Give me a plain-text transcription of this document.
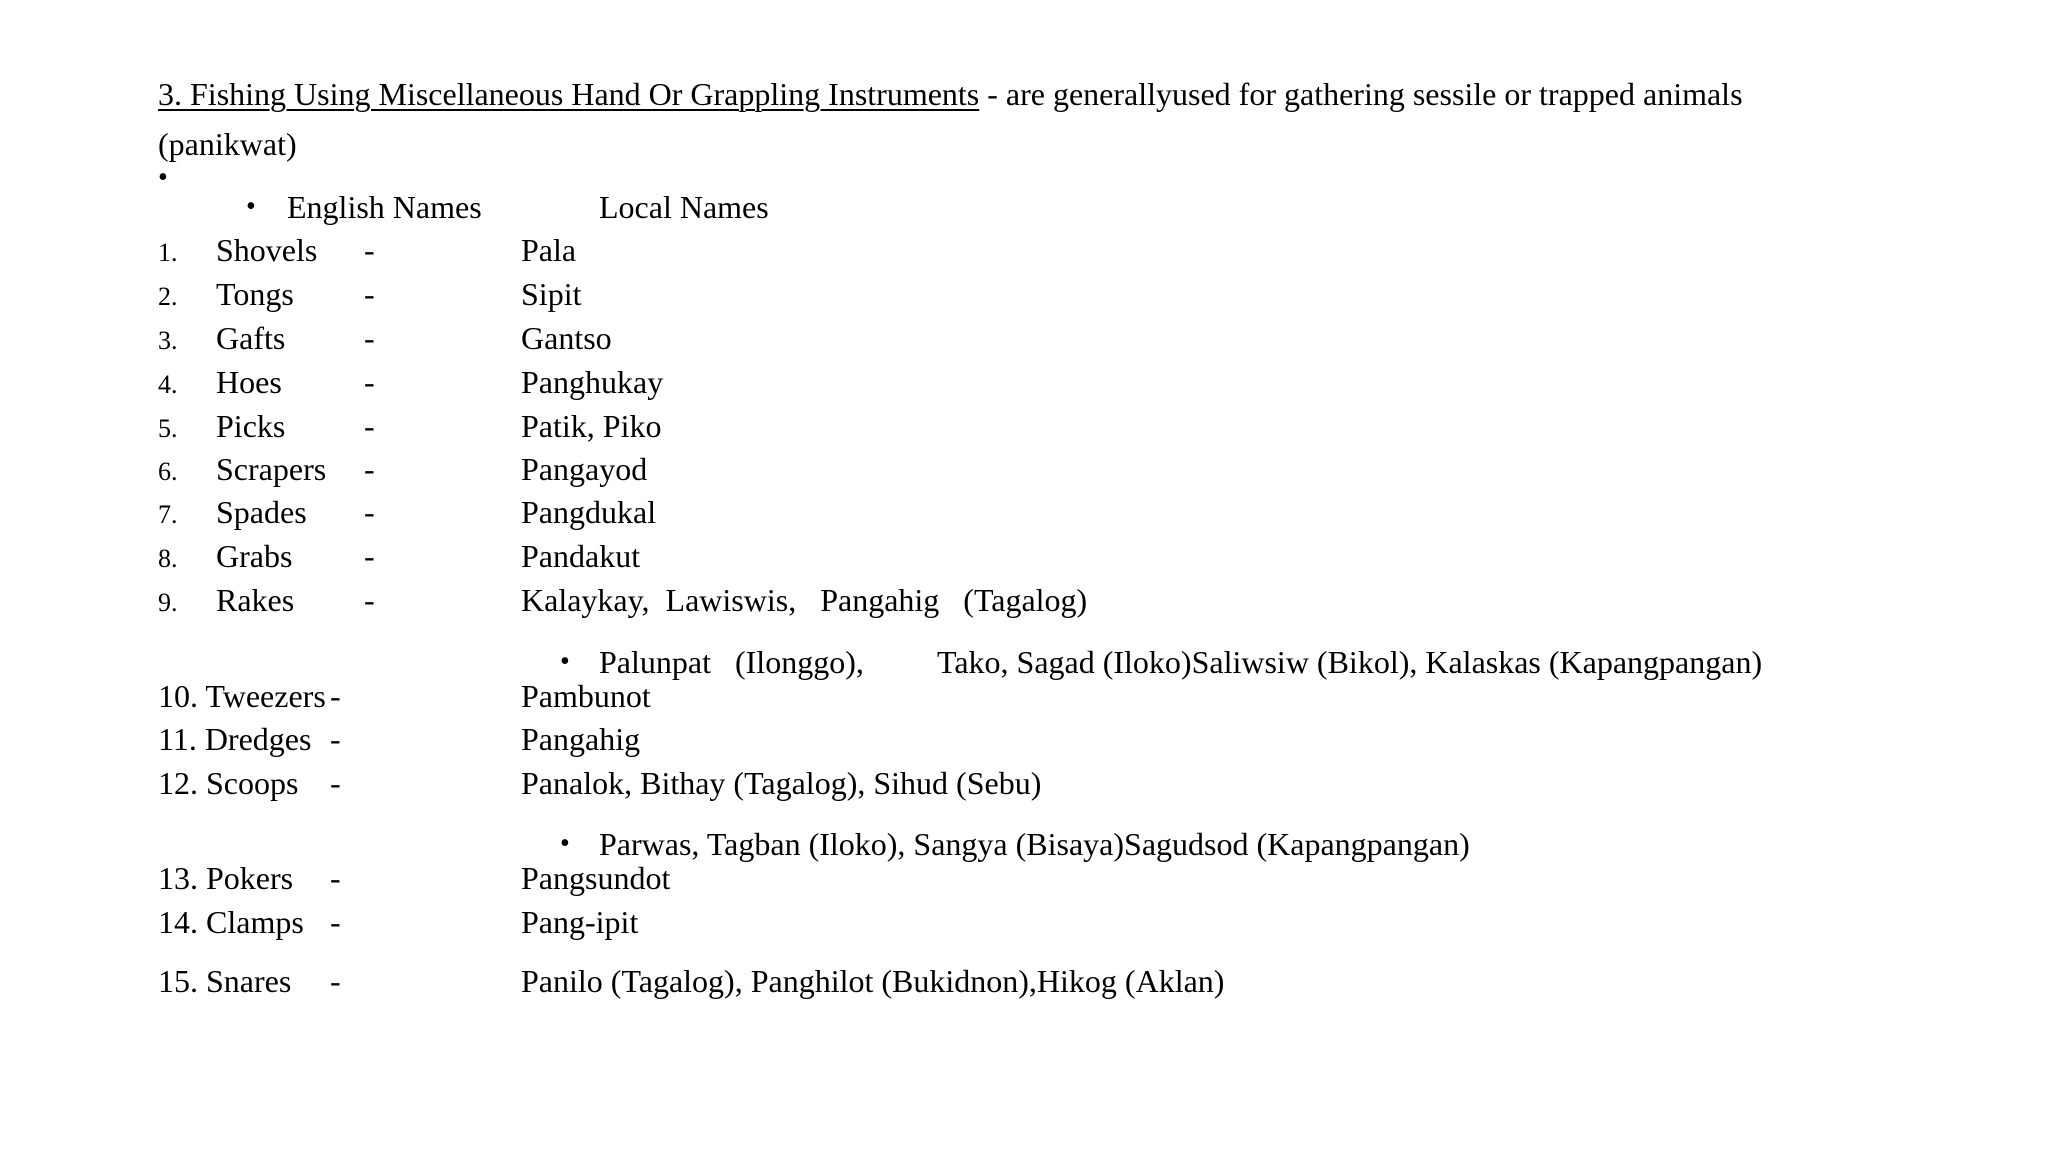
3. Fishing Using Miscellaneous Hand Or Grappling Instruments - are generallyused for gathering sessile or trapped animals
(panikwat)
•
• English Names	Local Names
1. Shovels -	Pala
2. Tongs -	Sipit
3. Gafts -	Gantso
4. Hoes	-	Panghukay
5. Picks -	Patik, Piko
6. Scrapers -	Pangayod
7. Spades -	Pangdukal
8. Grabs -	Pandakut
9. Rakes -	Kalaykay,  Lawiswis,   Pangahig   (Tagalog)
• Palunpat   (Ilonggo), Tako, Sagad (Iloko)Saliwsiw (Bikol), Kalaskas (Kapangpangan)
10. Tweezers -	Pambunot
11. Dredges -	Pangahig
12. Scoops -	Panalok, Bithay (Tagalog), Sihud (Sebu)
• Parwas, Tagban (Iloko), Sangya (Bisaya)Sagudsod (Kapangpangan)
13. Pokers -	Pangsundot
14. Clamps -	Pang-ipit
15. Snares -	Panilo (Tagalog), Panghilot (Bukidnon),Hikog (Aklan)
